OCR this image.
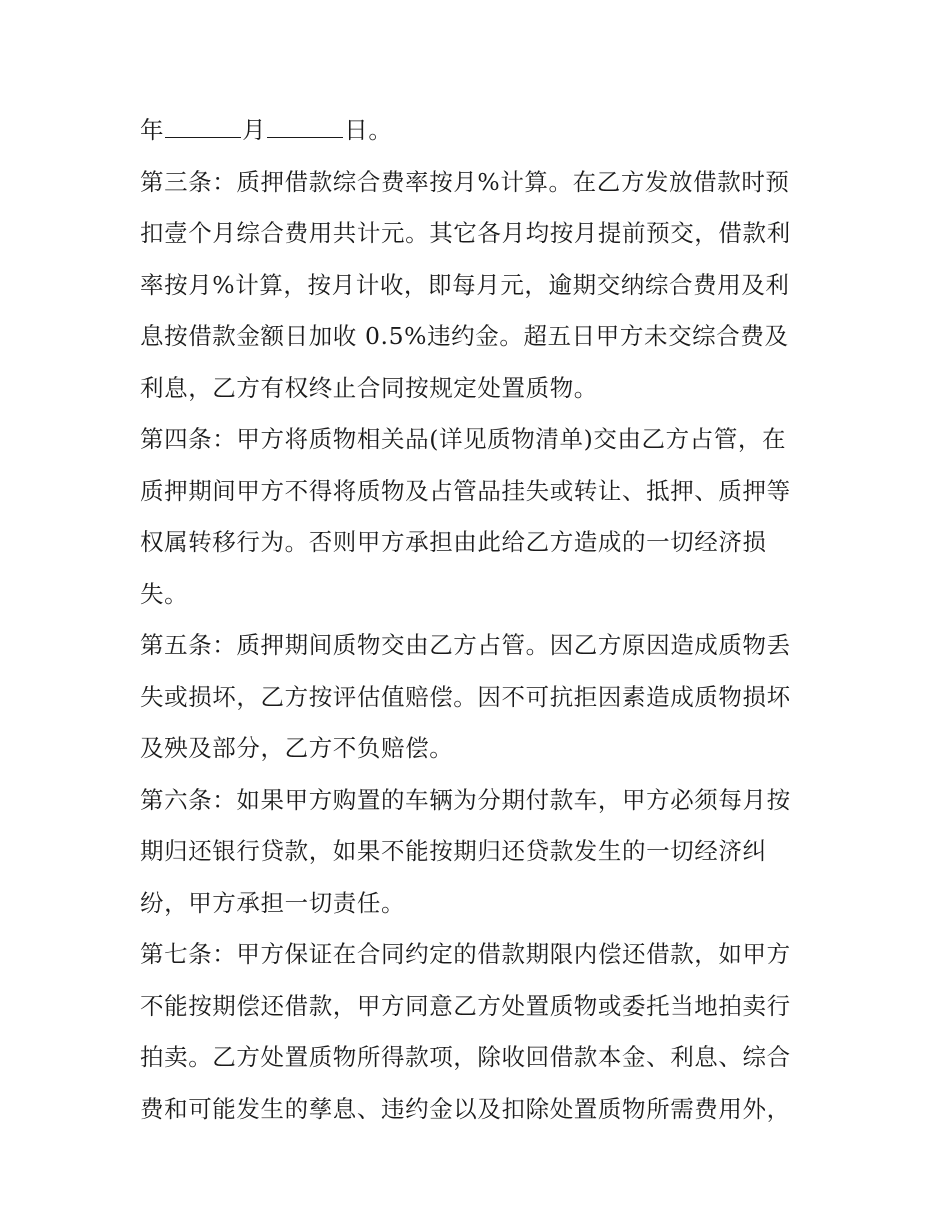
年	月	日。

第三条：质押借款综合费率按月%计算。在乙方发放借款时预
扣壹个月综合费用共计元。其它各月均按月提前预交，借款利
率按月%计算，按月计收，即每月元，逾期交纳综合费用及利
息按借款金额日加收 0.5%违约金。超五日甲方未交综合费及
利息，乙方有权终止合同按规定处置质物。

第四条：甲方将质物相关品(详见质物清单)交由乙方占管，在
质押期间甲方不得将质物及占管品挂失或转让、抵押、质押等
权属转移行为。否则甲方承担由此给乙方造成的一切经济损
失。

第五条：质押期间质物交由乙方占管。因乙方原因造成质物丢
失或损坏，乙方按评估值赔偿。因不可抗拒因素造成质物损坏
及殃及部分，乙方不负赔偿。

第六条：如果甲方购置的车辆为分期付款车，甲方必须每月按
期归还银行贷款，如果不能按期归还贷款发生的一切经济纠
纷，甲方承担一切责任。

第七条：甲方保证在合同约定的借款期限内偿还借款，如甲方
不能按期偿还借款，甲方同意乙方处置质物或委托当地拍卖行
拍卖。乙方处置质物所得款项，除收回借款本金、利息、综合
费和可能发生的孳息、违约金以及扣除处置质物所需费用外，
